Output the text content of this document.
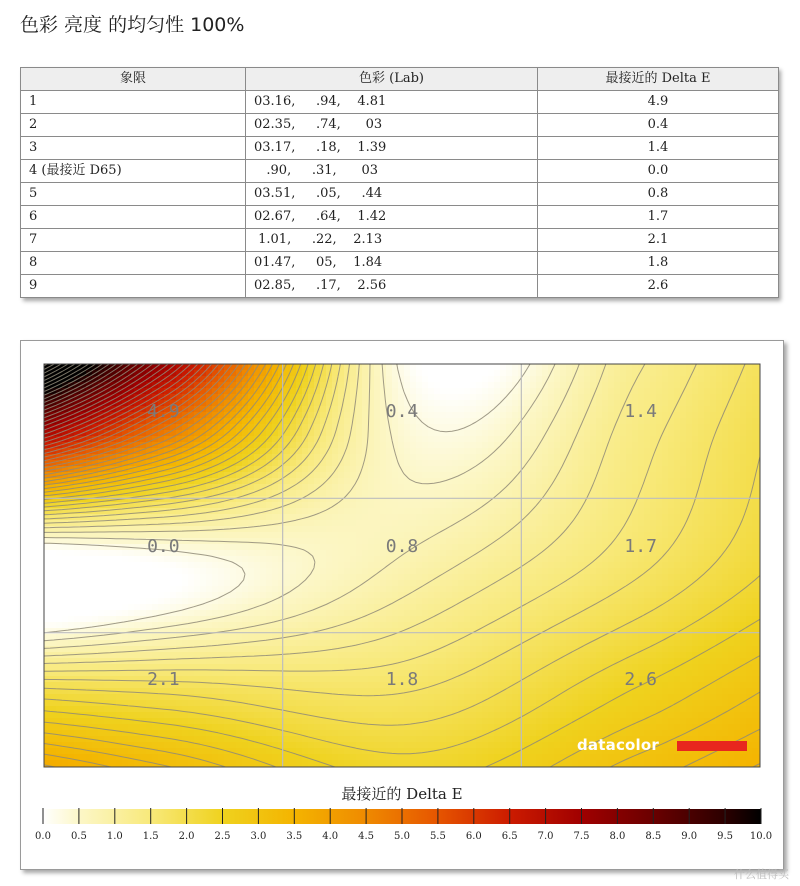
色彩 亮度 的均匀性 100%
象限	色彩 (Lab)	最接近的 Delta E
1	03.16,     .94,    4.81	4.9
2	02.35,     .74,      03	0.4
3	03.17,     .18,    1.39	1.4
4 (最接近 D65)	.90,     .31,      03	0.0
5	03.51,     .05,     .44	0.8
6	02.67,     .64,    1.42	1.7
7	1.01,     .22,    2.13	2.1
8	01.47,     05,    1.84	1.8
9	02.85,     .17,    2.56	2.6
4.9	0.4	1.4
0.0	0.8	1.7
2.1	1.8	2.6
datacolor
最接近的 Delta E
0.0 0.5 1.0 1.5 2.0 2.5 3.0 3.5 4.0 4.5 5.0 5.5 6.0 6.5 7.0 7.5 8.0 8.5 9.0 9.5 10.0
什么值得买
